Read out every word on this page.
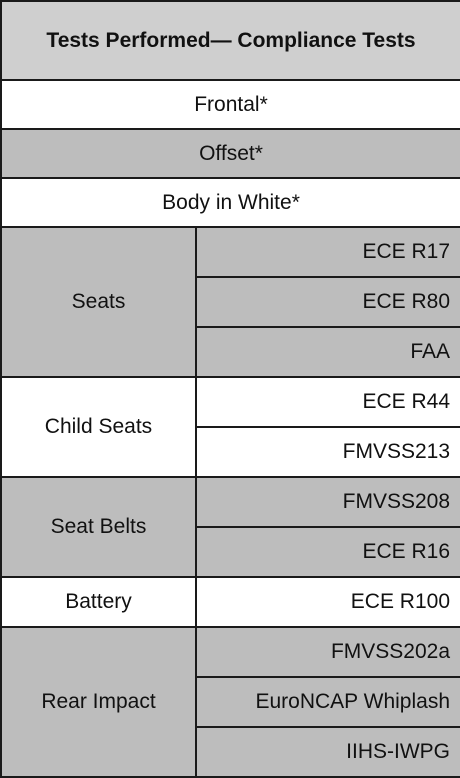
Tests Performed— Compliance Tests	
Frontal*	
Offset*	
Body in White*	
Seats	ECE R17
	ECE R80
	FAA
Child Seats	ECE R44
	FMVSS213
Seat Belts	FMVSS208
	ECE R16
Battery	ECE R100
Rear Impact	FMVSS202a
	EuroNCAP Whiplash
	IIHS-IWPG
